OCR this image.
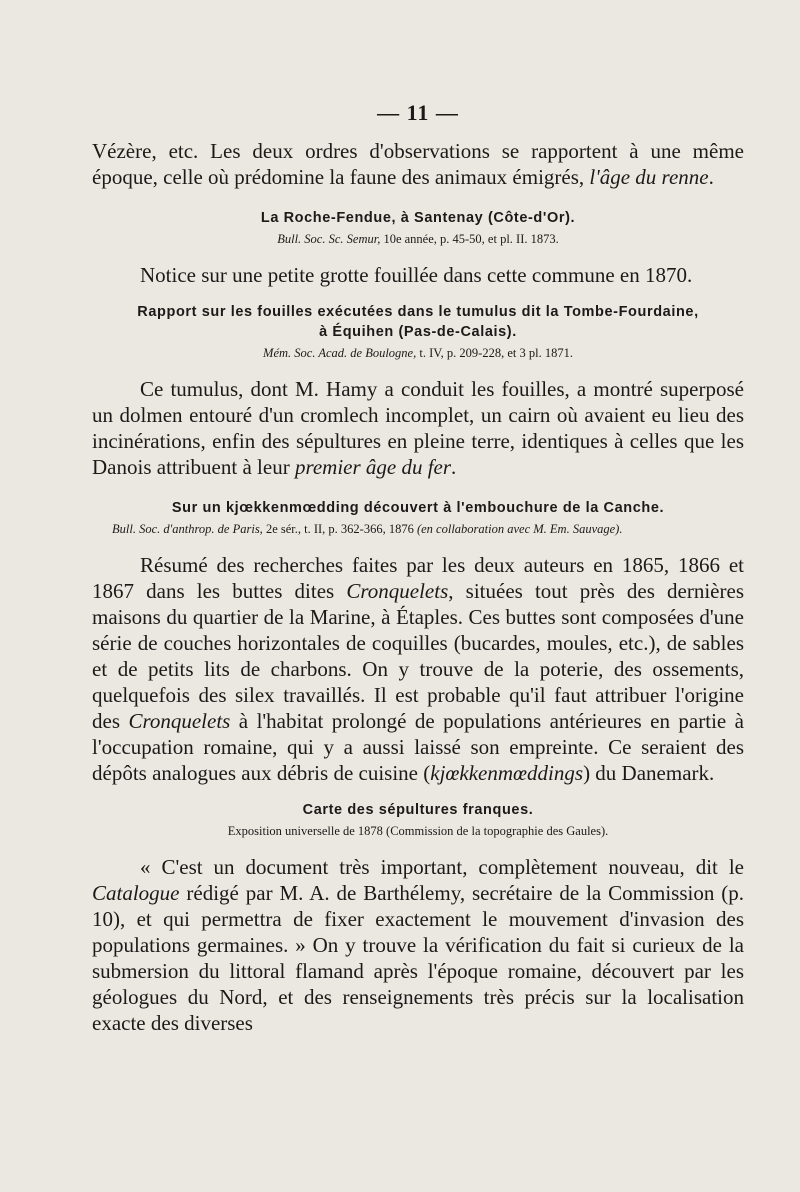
— 11 —

Vézère, etc. Les deux ordres d'observations se rapportent à une même époque, celle où prédomine la faune des animaux émigrés, l'âge du renne.

La Roche-Fendue, à Santenay (Côte-d'Or).

Bull. Soc. Sc. Semur, 10e année, p. 45-50, et pl. II. 1873.

Notice sur une petite grotte fouillée dans cette commune en 1870.

Rapport sur les fouilles exécutées dans le tumulus dit la Tombe-Fourdaine,

à Équihen (Pas-de-Calais).

Mém. Soc. Acad. de Boulogne, t. IV, p. 209-228, et 3 pl. 1871.

Ce tumulus, dont M. Hamy a conduit les fouilles, a montré superposé un dolmen entouré d'un cromlech incomplet, un cairn où avaient eu lieu des incinérations, enfin des sépultures en pleine terre, identiques à celles que les Danois attribuent à leur premier âge du fer.

Sur un kjœkkenmœdding découvert à l'embouchure de la Canche.

Bull. Soc. d'anthrop. de Paris, 2e sér., t. II, p. 362-366, 1876 (en collaboration avec M. Em. Sauvage).

Résumé des recherches faites par les deux auteurs en 1865, 1866 et 1867 dans les buttes dites Cronquelets, situées tout près des dernières maisons du quartier de la Marine, à Étaples. Ces buttes sont composées d'une série de couches horizontales de coquilles (bucardes, moules, etc.), de sables et de petits lits de charbons. On y trouve de la poterie, des ossements, quelquefois des silex travaillés. Il est probable qu'il faut attribuer l'origine des Cronquelets à l'habitat prolongé de populations antérieures en partie à l'occupation romaine, qui y a aussi laissé son empreinte. Ce seraient des dépôts analogues aux débris de cuisine (kjœkkenmœddings) du Danemark.

Carte des sépultures franques.

Exposition universelle de 1878 (Commission de la topographie des Gaules).

« C'est un document très important, complètement nouveau, dit le Catalogue rédigé par M. A. de Barthélemy, secrétaire de la Commission (p. 10), et qui permettra de fixer exactement le mouvement d'invasion des populations germaines. » On y trouve la vérification du fait si curieux de la submersion du littoral flamand après l'époque romaine, découvert par les géologues du Nord, et des renseignements très précis sur la localisation exacte des diverses
